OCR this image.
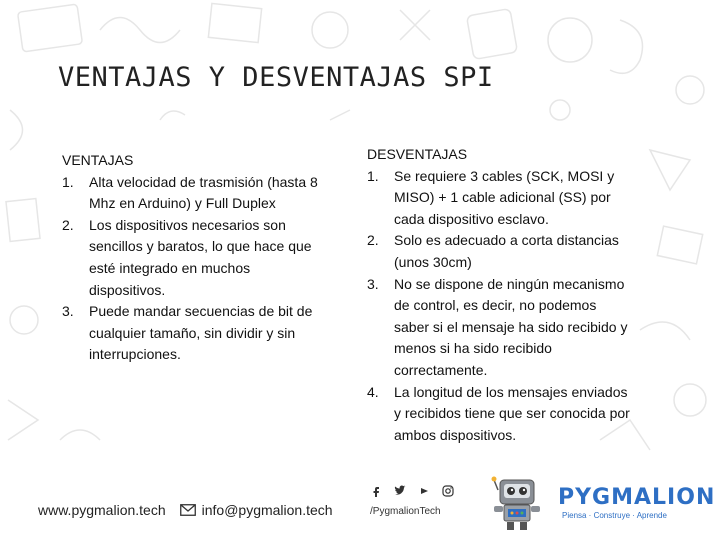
VENTAJAS Y DESVENTAJAS SPI
VENTAJAS
1. Alta velocidad de trasmisión (hasta 8 Mhz en Arduino) y Full Duplex
2. Los dispositivos necesarios son sencillos y baratos, lo que hace que esté integrado en muchos dispositivos.
3. Puede mandar secuencias de bit de cualquier tamaño, sin dividir y sin interrupciones.
DESVENTAJAS
1. Se requiere 3 cables (SCK, MOSI y MISO) + 1 cable adicional (SS) por cada dispositivo esclavo.
2. Solo es adecuado a corta distancias (unos 30cm)
3. No se dispone de ningún mecanismo de control, es decir, no podemos saber si el mensaje ha sido recibido y menos si ha sido recibido correctamente.
4. La longitud de los mensajes enviados y recibidos tiene que ser conocida por ambos dispositivos.
www.pygmalion.tech	info@pygmalion.tech	/PygmalionTech
PYGMALION
Piensa · Construye · Aprende
